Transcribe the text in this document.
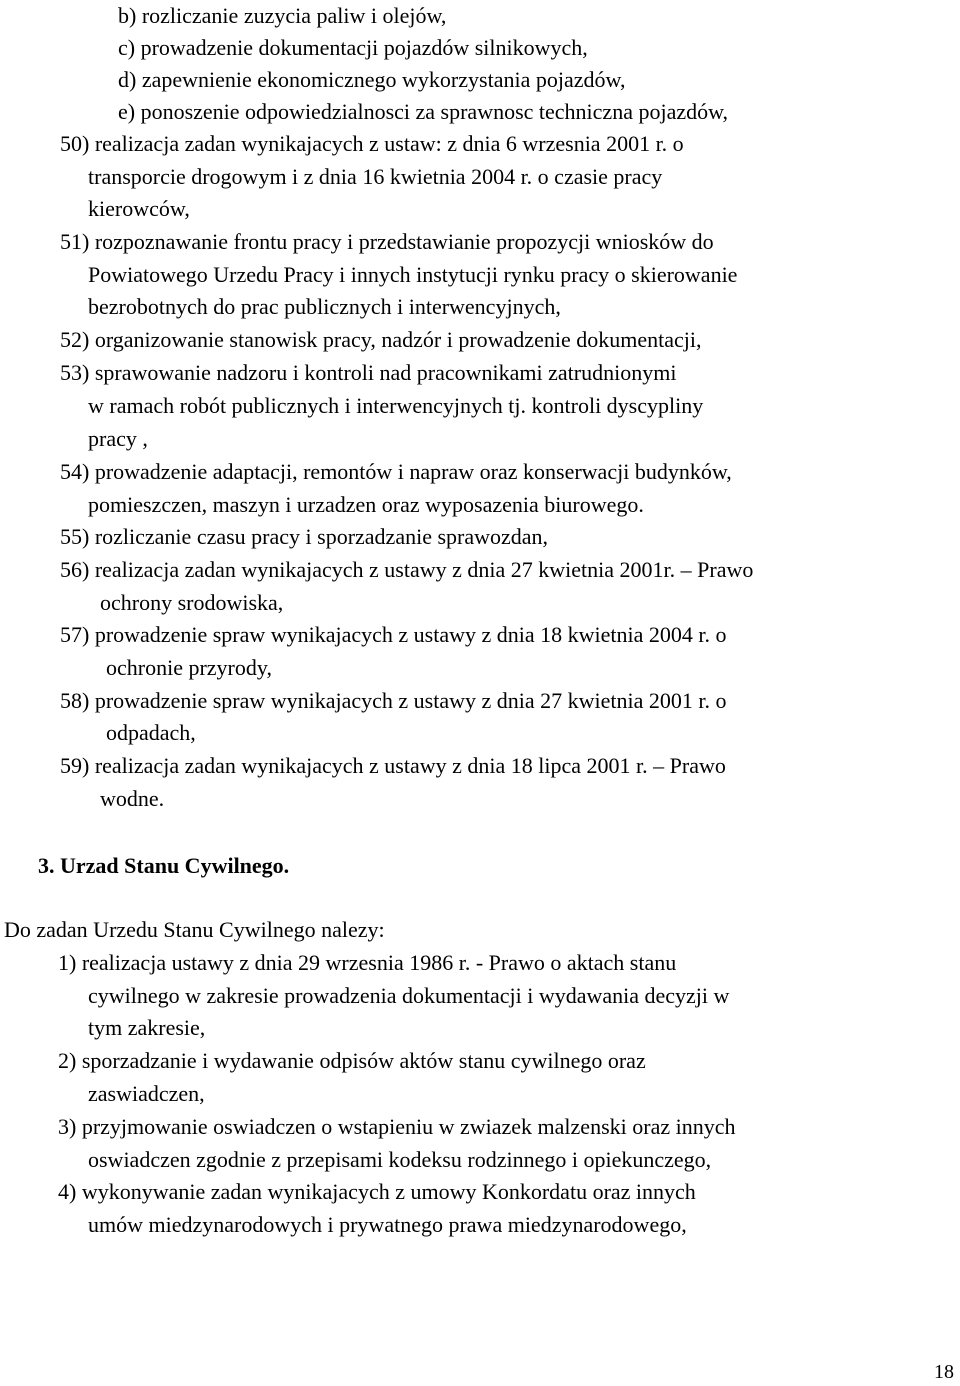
b) rozliczanie zuzycia paliw i olejów,
c) prowadzenie dokumentacji pojazdów silnikowych,
d) zapewnienie ekonomicznego wykorzystania pojazdów,
e) ponoszenie odpowiedzialnosci za sprawnosc techniczna pojazdów,
50) realizacja zadan wynikajacych z ustaw: z dnia 6 wrzesnia 2001 r. o
transporcie drogowym i z dnia 16 kwietnia 2004 r. o czasie pracy
kierowców,
51) rozpoznawanie frontu pracy i przedstawianie propozycji wniosków do
Powiatowego Urzedu Pracy i innych instytucji rynku pracy o skierowanie
bezrobotnych do prac publicznych i interwencyjnych,
52) organizowanie stanowisk pracy, nadzór i prowadzenie dokumentacji,
53) sprawowanie nadzoru i kontroli nad pracownikami zatrudnionymi
w ramach robót publicznych i interwencyjnych tj. kontroli dyscypliny
pracy ,
54) prowadzenie adaptacji, remontów i napraw oraz konserwacji budynków,
pomieszczen, maszyn i urzadzen oraz wyposazenia biurowego.
55) rozliczanie czasu pracy i sporzadzanie sprawozdan,
56) realizacja zadan wynikajacych z ustawy z dnia 27 kwietnia 2001r. – Prawo
ochrony srodowiska,
57) prowadzenie spraw wynikajacych z ustawy z dnia 18 kwietnia 2004 r. o
ochronie przyrody,
58) prowadzenie spraw wynikajacych z ustawy z dnia 27 kwietnia 2001 r. o
odpadach,
59) realizacja zadan wynikajacych z ustawy z dnia 18 lipca 2001 r. – Prawo
wodne.
3. Urzad Stanu Cywilnego.
Do zadan Urzedu Stanu Cywilnego nalezy:
1) realizacja ustawy z dnia 29 wrzesnia 1986 r. - Prawo o aktach stanu
cywilnego w zakresie prowadzenia dokumentacji i wydawania decyzji w
tym zakresie,
2) sporzadzanie i wydawanie odpisów aktów stanu cywilnego oraz
zaswiadczen,
3) przyjmowanie oswiadczen o wstapieniu w zwiazek malzenski oraz innych
oswiadczen zgodnie z przepisami kodeksu rodzinnego i opiekunczego,
4) wykonywanie zadan wynikajacych z umowy Konkordatu oraz innych
umów miedzynarodowych i prywatnego prawa miedzynarodowego,
18
